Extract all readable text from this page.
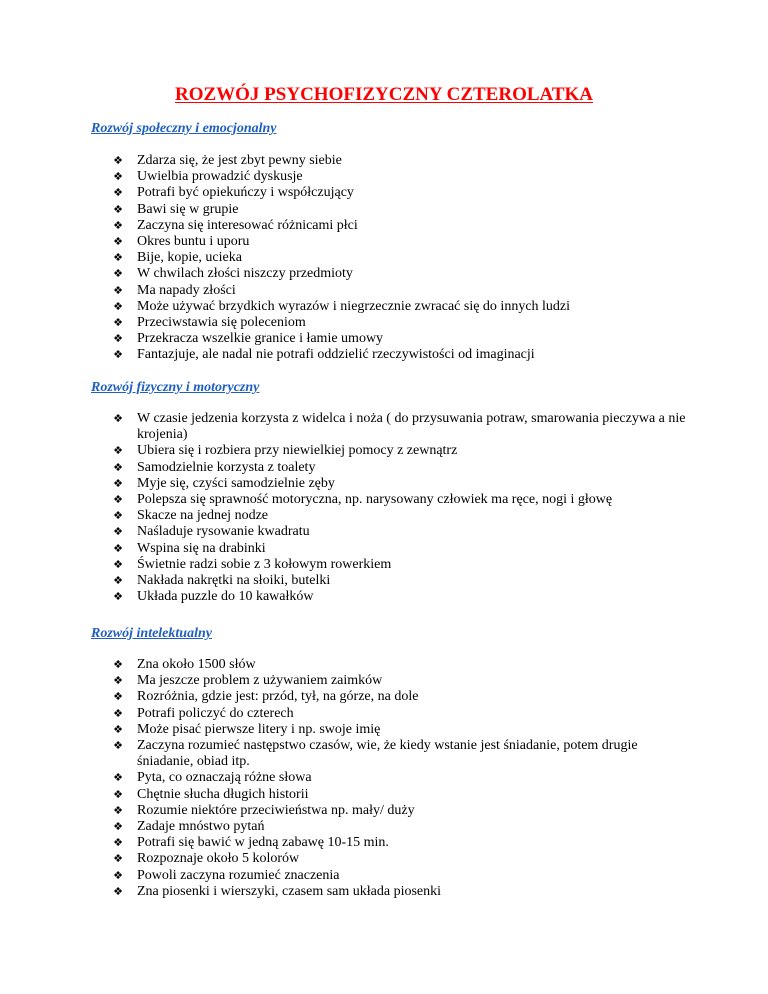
ROZWÓJ PSYCHOFIZYCZNY CZTEROLATKA
Rozwój społeczny i emocjonalny
❖ Zdarza się, że jest zbyt pewny siebie
❖ Uwielbia prowadzić dyskusje
❖ Potrafi być opiekuńczy i współczujący
❖ Bawi się w grupie
❖ Zaczyna się interesować różnicami płci
❖ Okres buntu i uporu
❖ Bije, kopie, ucieka
❖ W chwilach złości niszczy przedmioty
❖ Ma napady złości
❖ Może używać brzydkich wyrazów i niegrzecznie zwracać się do innych ludzi
❖ Przeciwstawia się poleceniom
❖ Przekracza wszelkie granice i łamie umowy
❖ Fantazjuje, ale nadal nie potrafi oddzielić rzeczywistości od imaginacji
Rozwój fizyczny i motoryczny
❖ W czasie jedzenia korzysta z widelca i noża ( do przysuwania potraw, smarowania pieczywa a nie krojenia)
❖ Ubiera się i rozbiera przy niewielkiej pomocy z zewnątrz
❖ Samodzielnie korzysta z toalety
❖ Myje się, czyści samodzielnie zęby
❖ Polepsza się sprawność motoryczna, np. narysowany człowiek ma ręce, nogi i głowę
❖ Skacze na jednej nodze
❖ Naśladuje rysowanie kwadratu
❖ Wspina się na drabinki
❖ Świetnie radzi sobie z 3 kołowym rowerkiem
❖ Nakłada nakrętki na słoiki, butelki
❖ Układa puzzle do 10 kawałków
Rozwój intelektualny
❖ Zna około 1500 słów
❖ Ma jeszcze problem z używaniem zaimków
❖ Rozróżnia, gdzie jest: przód, tył, na górze, na dole
❖ Potrafi policzyć do czterech
❖ Może pisać pierwsze litery i np. swoje imię
❖ Zaczyna rozumieć następstwo czasów, wie, że kiedy wstanie jest śniadanie, potem drugie śniadanie, obiad itp.
❖ Pyta, co oznaczają różne słowa
❖ Chętnie słucha długich historii
❖ Rozumie niektóre przeciwieństwa np. mały/ duży
❖ Zadaje mnóstwo pytań
❖ Potrafi się bawić w jedną zabawę 10-15 min.
❖ Rozpoznaje około 5 kolorów
❖ Powoli zaczyna rozumieć znaczenia
❖ Zna piosenki i wierszyki, czasem sam układa piosenki
